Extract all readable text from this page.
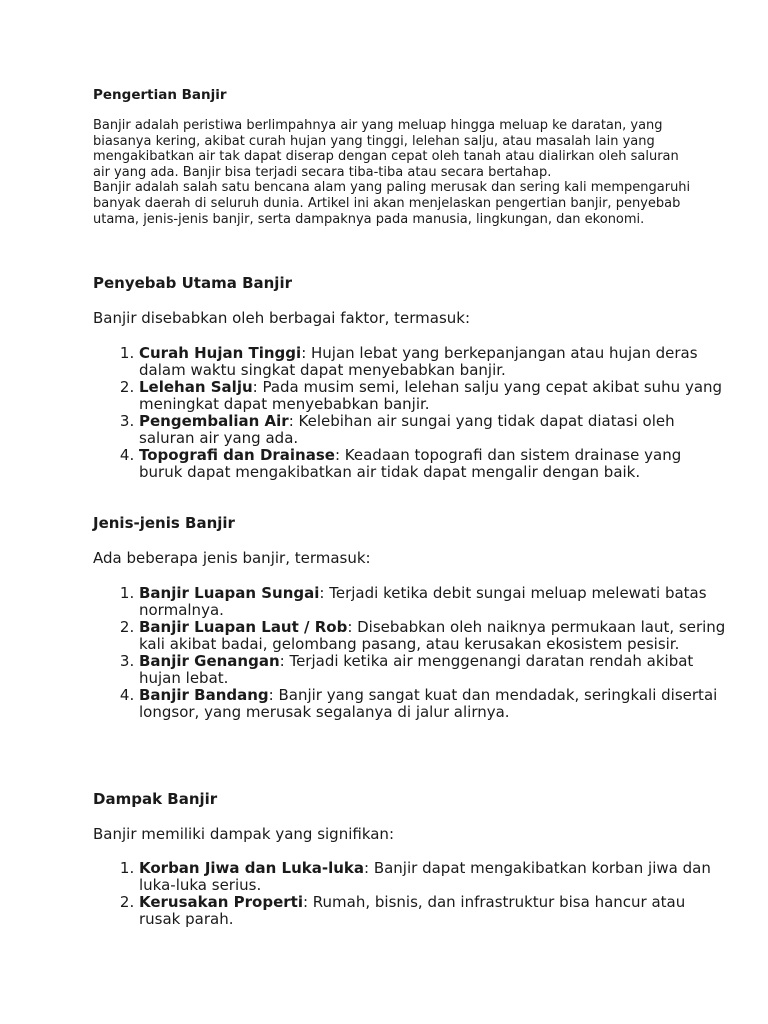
Pengertian Banjir

Banjir adalah peristiwa berlimpahnya air yang meluap hingga meluap ke daratan, yang biasanya kering, akibat curah hujan yang tinggi, lelehan salju, atau masalah lain yang mengakibatkan air tak dapat diserap dengan cepat oleh tanah atau dialirkan oleh saluran air yang ada. Banjir bisa terjadi secara tiba-tiba atau secara bertahap.

Banjir adalah salah satu bencana alam yang paling merusak dan sering kali mempengaruhi banyak daerah di seluruh dunia. Artikel ini akan menjelaskan pengertian banjir, penyebab utama, jenis-jenis banjir, serta dampaknya pada manusia, lingkungan, dan ekonomi.

Penyebab Utama Banjir

Banjir disebabkan oleh berbagai faktor, termasuk:

1. Curah Hujan Tinggi: Hujan lebat yang berkepanjangan atau hujan deras dalam waktu singkat dapat menyebabkan banjir.
2. Lelehan Salju: Pada musim semi, lelehan salju yang cepat akibat suhu yang meningkat dapat menyebabkan banjir.
3. Pengembalian Air: Kelebihan air sungai yang tidak dapat diatasi oleh saluran air yang ada.
4. Topografi dan Drainase: Keadaan topografi dan sistem drainase yang buruk dapat mengakibatkan air tidak dapat mengalir dengan baik.
Jenis-jenis Banjir

Ada beberapa jenis banjir, termasuk:

1. Banjir Luapan Sungai: Terjadi ketika debit sungai meluap melewati batas normalnya.
2. Banjir Luapan Laut / Rob: Disebabkan oleh naiknya permukaan laut, sering kali akibat badai, gelombang pasang, atau kerusakan ekosistem pesisir.
3. Banjir Genangan: Terjadi ketika air menggenangi daratan rendah akibat hujan lebat.
4. Banjir Bandang: Banjir yang sangat kuat dan mendadak, seringkali disertai longsor, yang merusak segalanya di jalur alirnya.
Dampak Banjir

Banjir memiliki dampak yang signifikan:

1. Korban Jiwa dan Luka-luka: Banjir dapat mengakibatkan korban jiwa dan luka-luka serius.
2. Kerusakan Properti: Rumah, bisnis, dan infrastruktur bisa hancur atau rusak parah.
